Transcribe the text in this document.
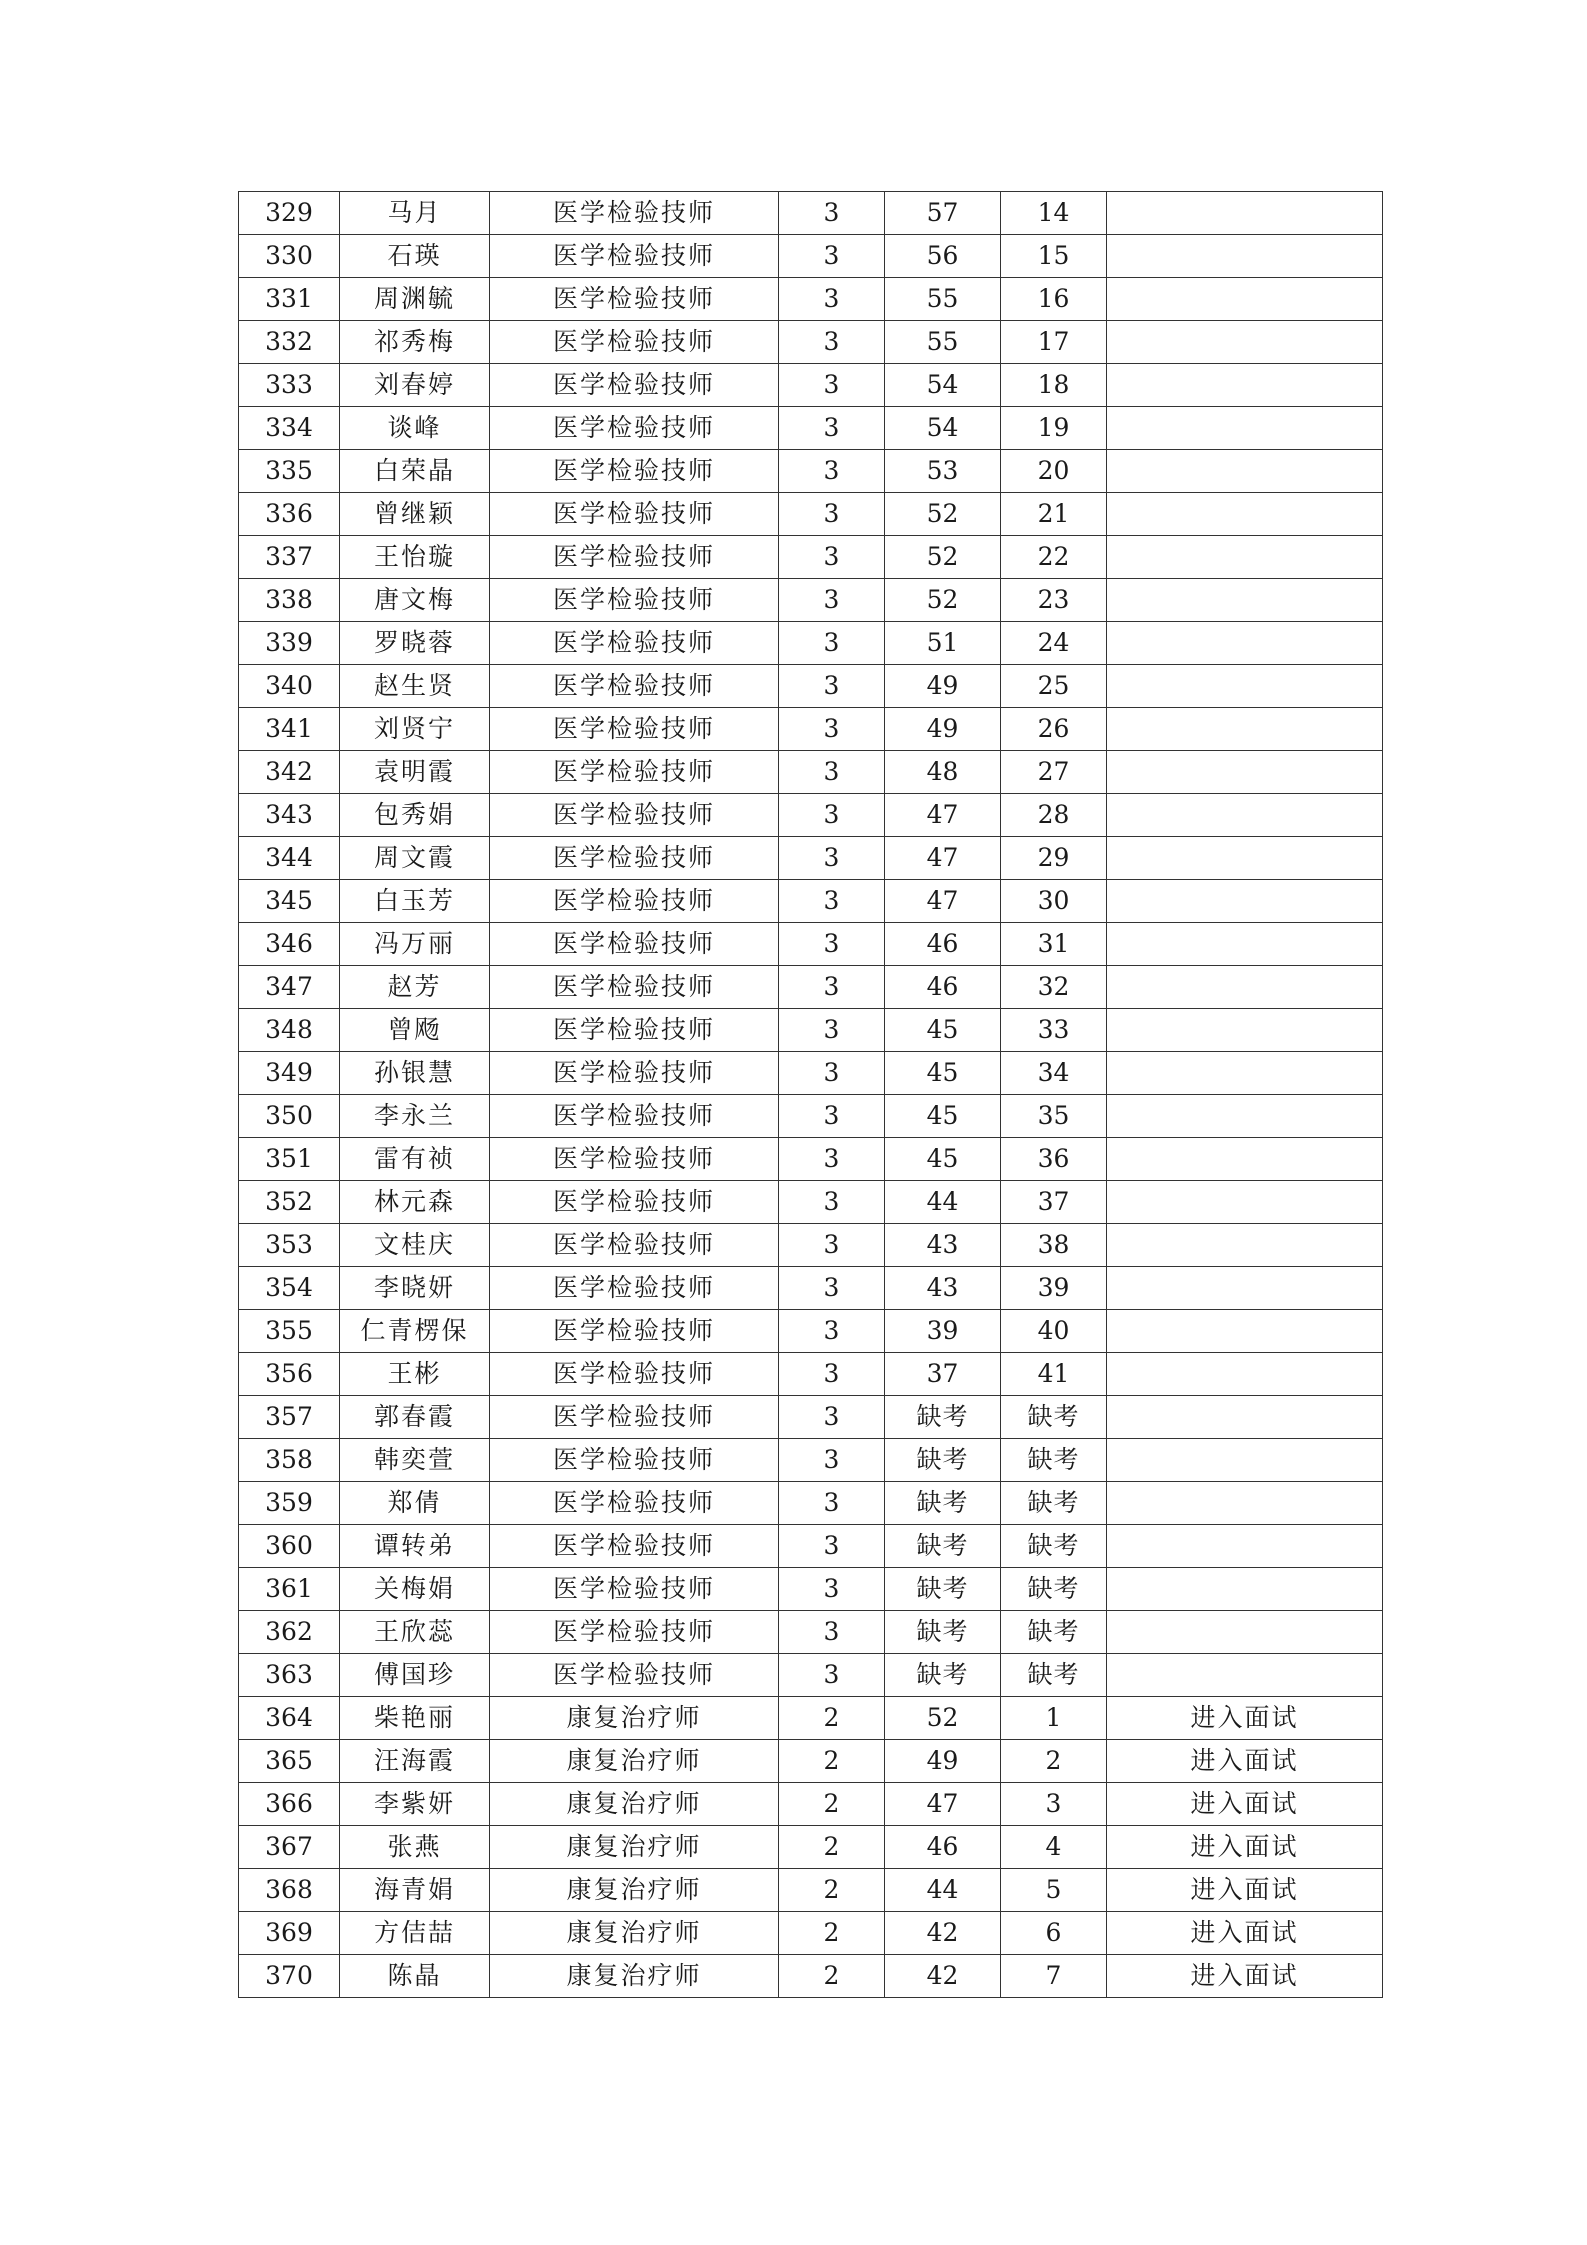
329	马月	医学检验技师	3	57	14	
330	石瑛	医学检验技师	3	56	15	
331	周渊毓	医学检验技师	3	55	16	
332	祁秀梅	医学检验技师	3	55	17	
333	刘春婷	医学检验技师	3	54	18	
334	谈峰	医学检验技师	3	54	19	
335	白荣晶	医学检验技师	3	53	20	
336	曾继颖	医学检验技师	3	52	21	
337	王怡璇	医学检验技师	3	52	22	
338	唐文梅	医学检验技师	3	52	23	
339	罗晓蓉	医学检验技师	3	51	24	
340	赵生贤	医学检验技师	3	49	25	
341	刘贤宁	医学检验技师	3	49	26	
342	袁明霞	医学检验技师	3	48	27	
343	包秀娟	医学检验技师	3	47	28	
344	周文霞	医学检验技师	3	47	29	
345	白玉芳	医学检验技师	3	47	30	
346	冯万丽	医学检验技师	3	46	31	
347	赵芳	医学检验技师	3	46	32	
348	曾飏	医学检验技师	3	45	33	
349	孙银慧	医学检验技师	3	45	34	
350	李永兰	医学检验技师	3	45	35	
351	雷有祯	医学检验技师	3	45	36	
352	林元森	医学检验技师	3	44	37	
353	文桂庆	医学检验技师	3	43	38	
354	李晓妍	医学检验技师	3	43	39	
355	仁青楞保	医学检验技师	3	39	40	
356	王彬	医学检验技师	3	37	41	
357	郭春霞	医学检验技师	3	缺考	缺考	
358	韩奕萱	医学检验技师	3	缺考	缺考	
359	郑倩	医学检验技师	3	缺考	缺考	
360	谭转弟	医学检验技师	3	缺考	缺考	
361	关梅娟	医学检验技师	3	缺考	缺考	
362	王欣蕊	医学检验技师	3	缺考	缺考	
363	傅国珍	医学检验技师	3	缺考	缺考	
364	柴艳丽	康复治疗师	2	52	1	进入面试
365	汪海霞	康复治疗师	2	49	2	进入面试
366	李紫妍	康复治疗师	2	47	3	进入面试
367	张燕	康复治疗师	2	46	4	进入面试
368	海青娟	康复治疗师	2	44	5	进入面试
369	方佶喆	康复治疗师	2	42	6	进入面试
370	陈晶	康复治疗师	2	42	7	进入面试
